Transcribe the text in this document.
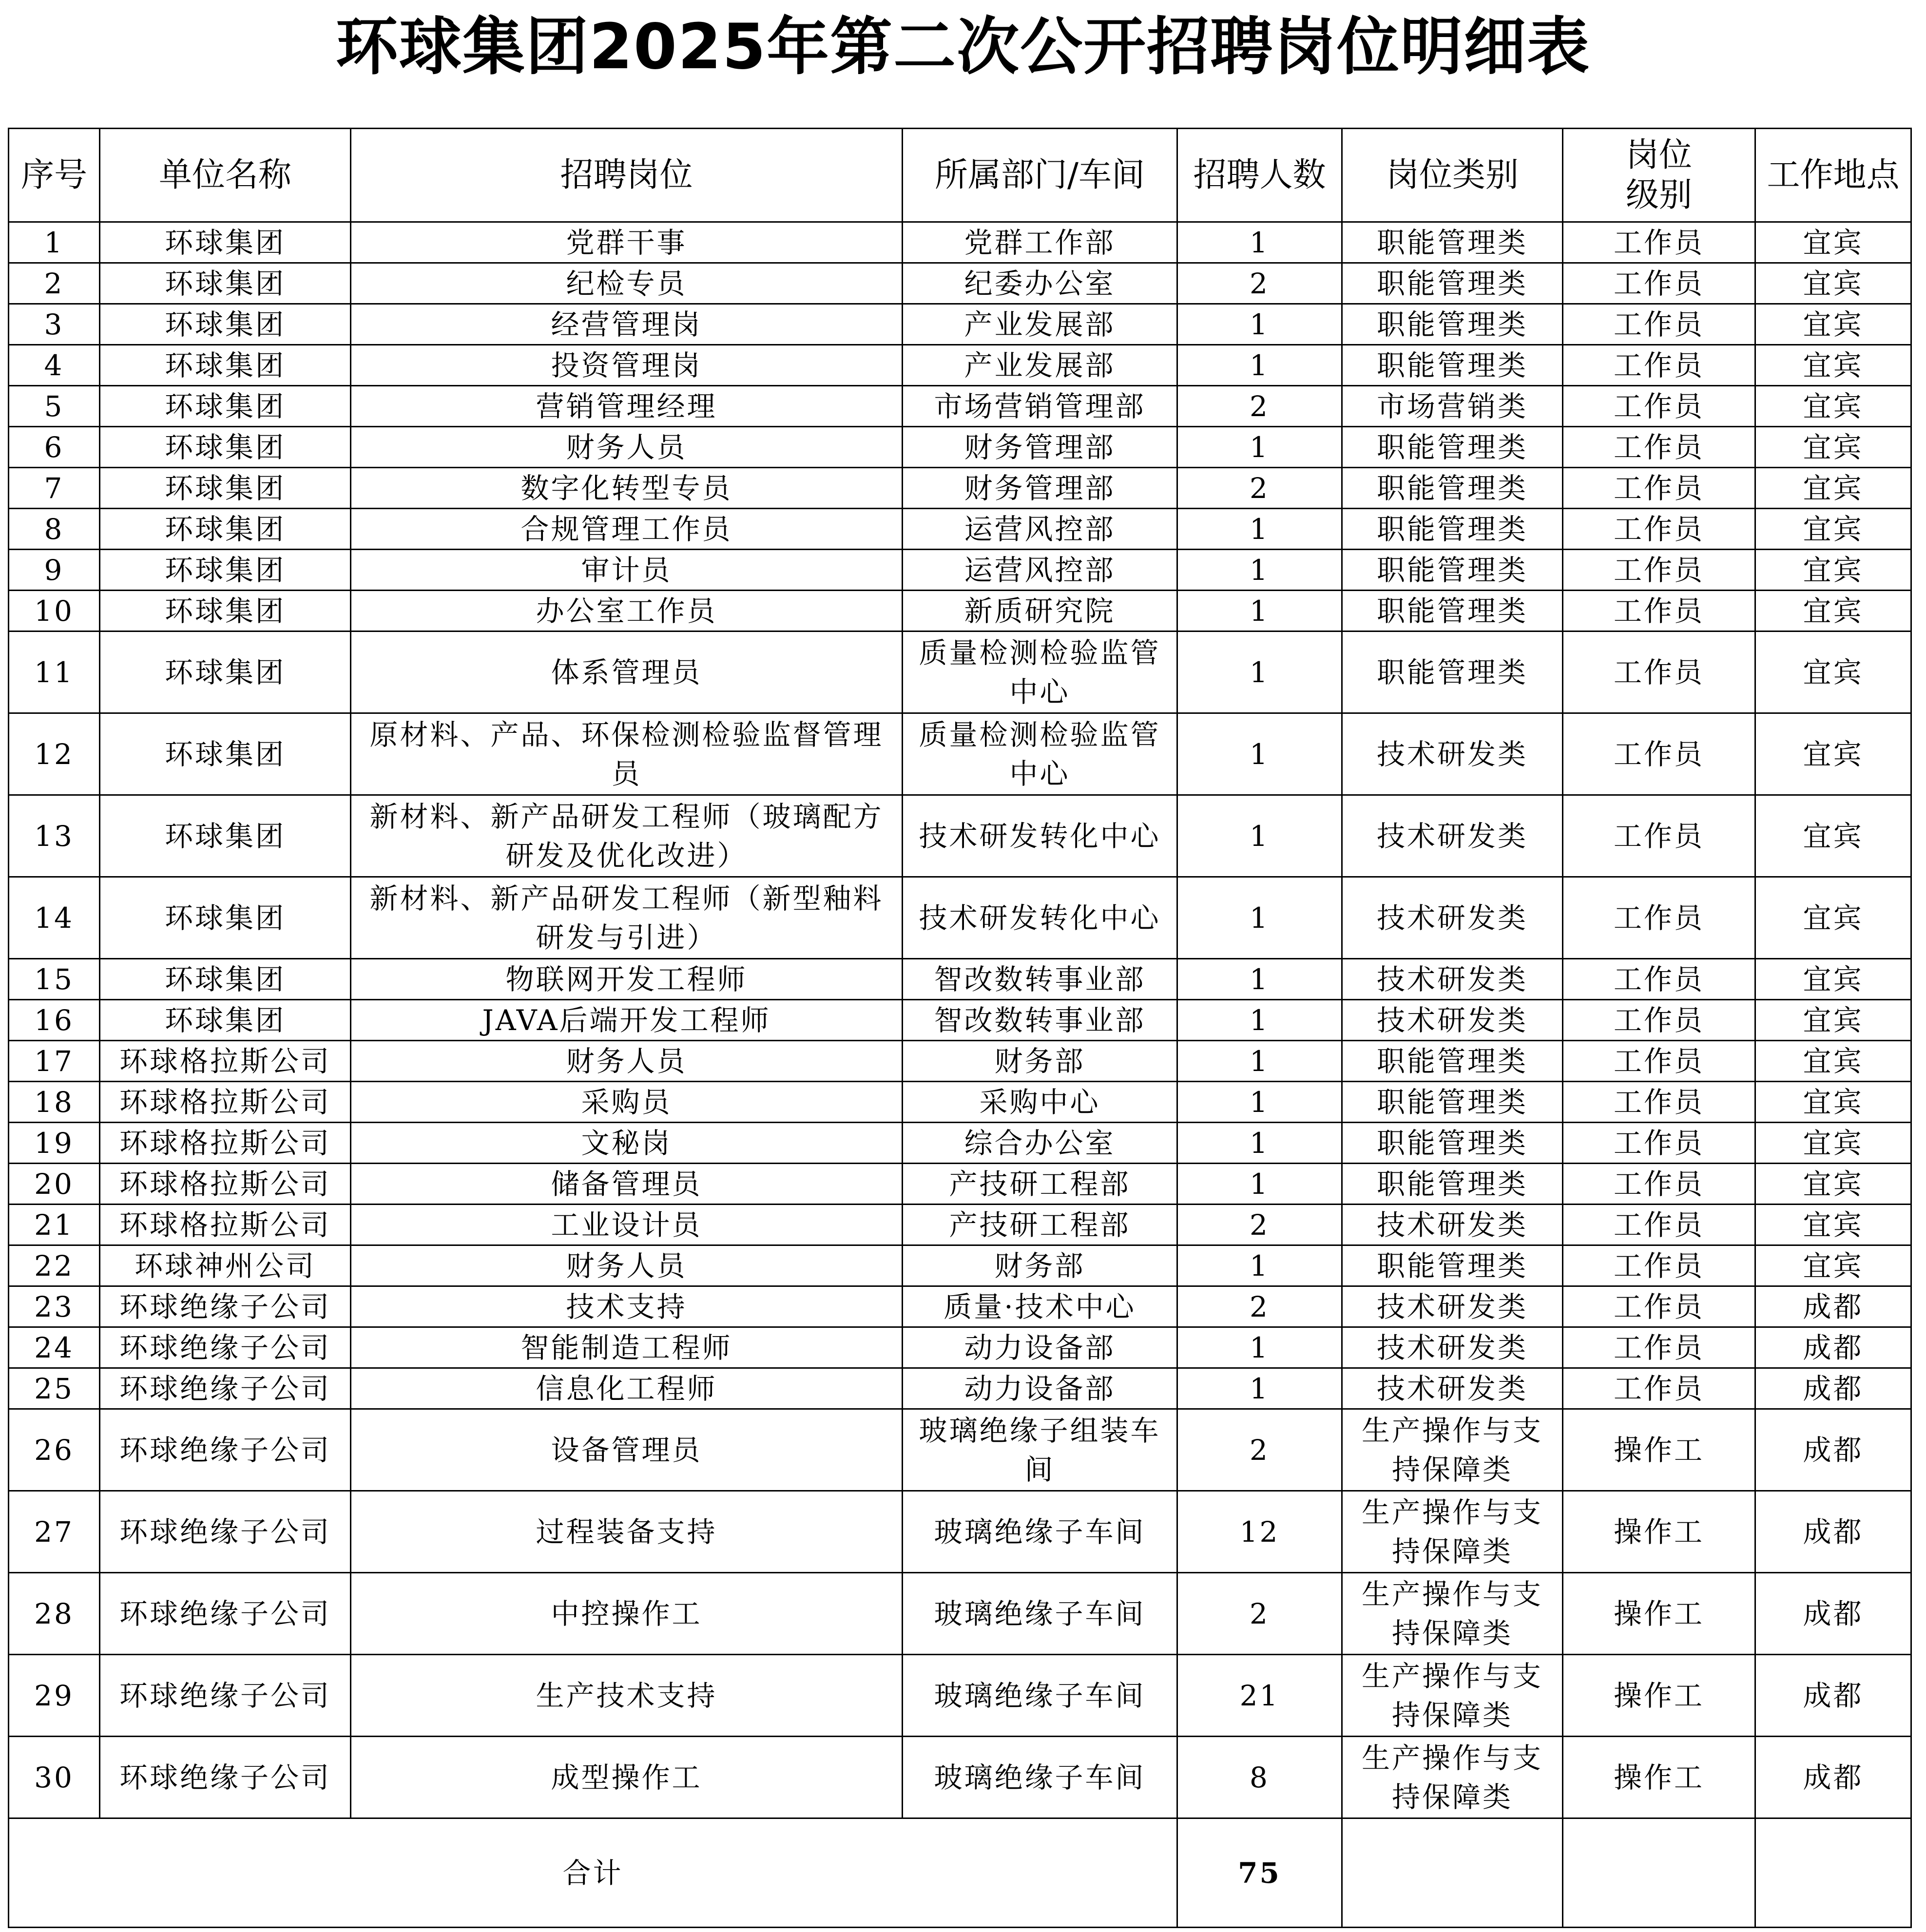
环球集团2025年第二次公开招聘岗位明细表
序号	单位名称	招聘岗位	所属部门/车间	招聘人数	岗位类别	岗位级别	工作地点
1	环球集团	党群干事	党群工作部	1	职能管理类	工作员	宜宾
2	环球集团	纪检专员	纪委办公室	2	职能管理类	工作员	宜宾
3	环球集团	经营管理岗	产业发展部	1	职能管理类	工作员	宜宾
4	环球集团	投资管理岗	产业发展部	1	职能管理类	工作员	宜宾
5	环球集团	营销管理经理	市场营销管理部	2	市场营销类	工作员	宜宾
6	环球集团	财务人员	财务管理部	1	职能管理类	工作员	宜宾
7	环球集团	数字化转型专员	财务管理部	2	职能管理类	工作员	宜宾
8	环球集团	合规管理工作员	运营风控部	1	职能管理类	工作员	宜宾
9	环球集团	审计员	运营风控部	1	职能管理类	工作员	宜宾
10	环球集团	办公室工作员	新质研究院	1	职能管理类	工作员	宜宾
11	环球集团	体系管理员	质量检测检验监管中心	1	职能管理类	工作员	宜宾
12	环球集团	原材料、产品、环保检测检验监督管理员	质量检测检验监管中心	1	技术研发类	工作员	宜宾
13	环球集团	新材料、新产品研发工程师（玻璃配方研发及优化改进）	技术研发转化中心	1	技术研发类	工作员	宜宾
14	环球集团	新材料、新产品研发工程师（新型釉料研发与引进）	技术研发转化中心	1	技术研发类	工作员	宜宾
15	环球集团	物联网开发工程师	智改数转事业部	1	技术研发类	工作员	宜宾
16	环球集团	JAVA后端开发工程师	智改数转事业部	1	技术研发类	工作员	宜宾
17	环球格拉斯公司	财务人员	财务部	1	职能管理类	工作员	宜宾
18	环球格拉斯公司	采购员	采购中心	1	职能管理类	工作员	宜宾
19	环球格拉斯公司	文秘岗	综合办公室	1	职能管理类	工作员	宜宾
20	环球格拉斯公司	储备管理员	产技研工程部	1	职能管理类	工作员	宜宾
21	环球格拉斯公司	工业设计员	产技研工程部	2	技术研发类	工作员	宜宾
22	环球神州公司	财务人员	财务部	1	职能管理类	工作员	宜宾
23	环球绝缘子公司	技术支持	质量·技术中心	2	技术研发类	工作员	成都
24	环球绝缘子公司	智能制造工程师	动力设备部	1	技术研发类	工作员	成都
25	环球绝缘子公司	信息化工程师	动力设备部	1	技术研发类	工作员	成都
26	环球绝缘子公司	设备管理员	玻璃绝缘子组装车间	2	生产操作与支持保障类	操作工	成都
27	环球绝缘子公司	过程装备支持	玻璃绝缘子车间	12	生产操作与支持保障类	操作工	成都
28	环球绝缘子公司	中控操作工	玻璃绝缘子车间	2	生产操作与支持保障类	操作工	成都
29	环球绝缘子公司	生产技术支持	玻璃绝缘子车间	21	生产操作与支持保障类	操作工	成都
30	环球绝缘子公司	成型操作工	玻璃绝缘子车间	8	生产操作与支持保障类	操作工	成都
合计				75			
